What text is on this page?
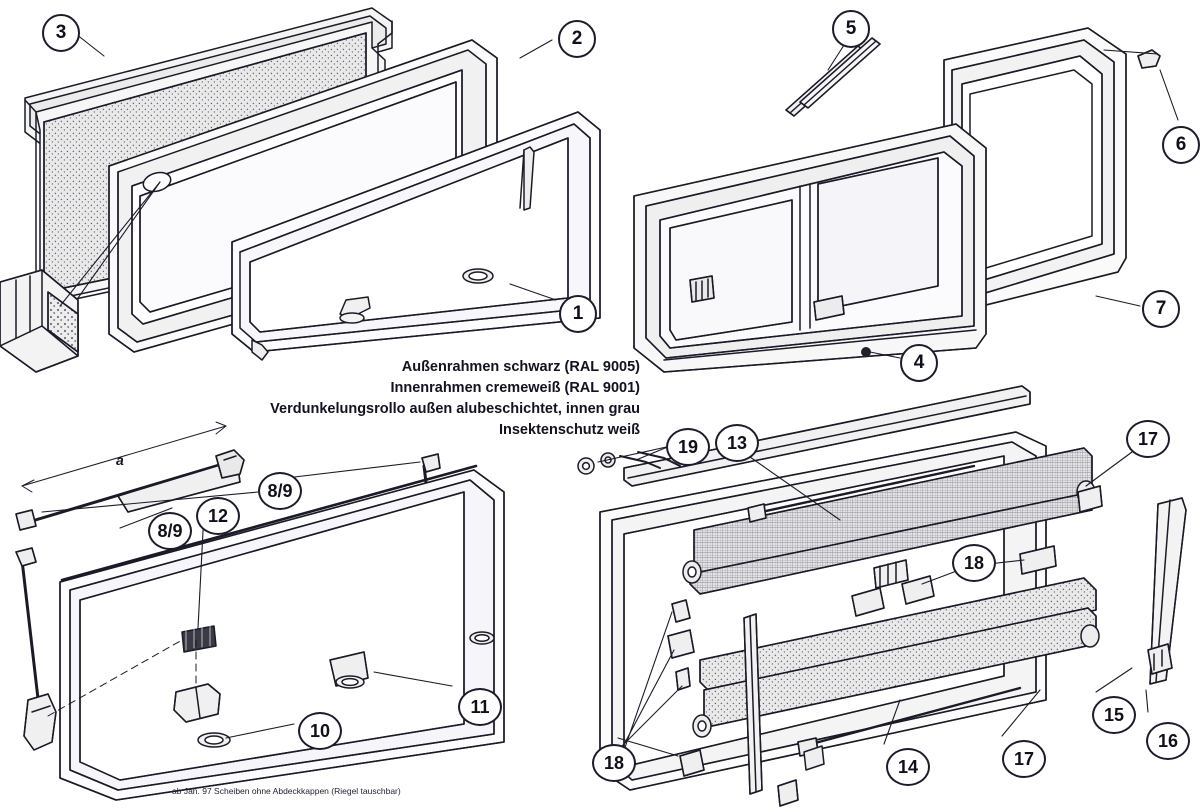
Außenrahmen schwarz (RAL 9005)
Innenrahmen cremeweiß (RAL 9001)
Verdunkelungsrollo außen alubeschichtet, innen grau
Insektenschutz weiß
ab Jan. 97 Scheiben ohne Abdeckkappen (Riegel tauschbar)
a
3	2	5
6
1	7
4
19	13	17
8/9
8/9
12
18
11	15
16
10
18	14	17
